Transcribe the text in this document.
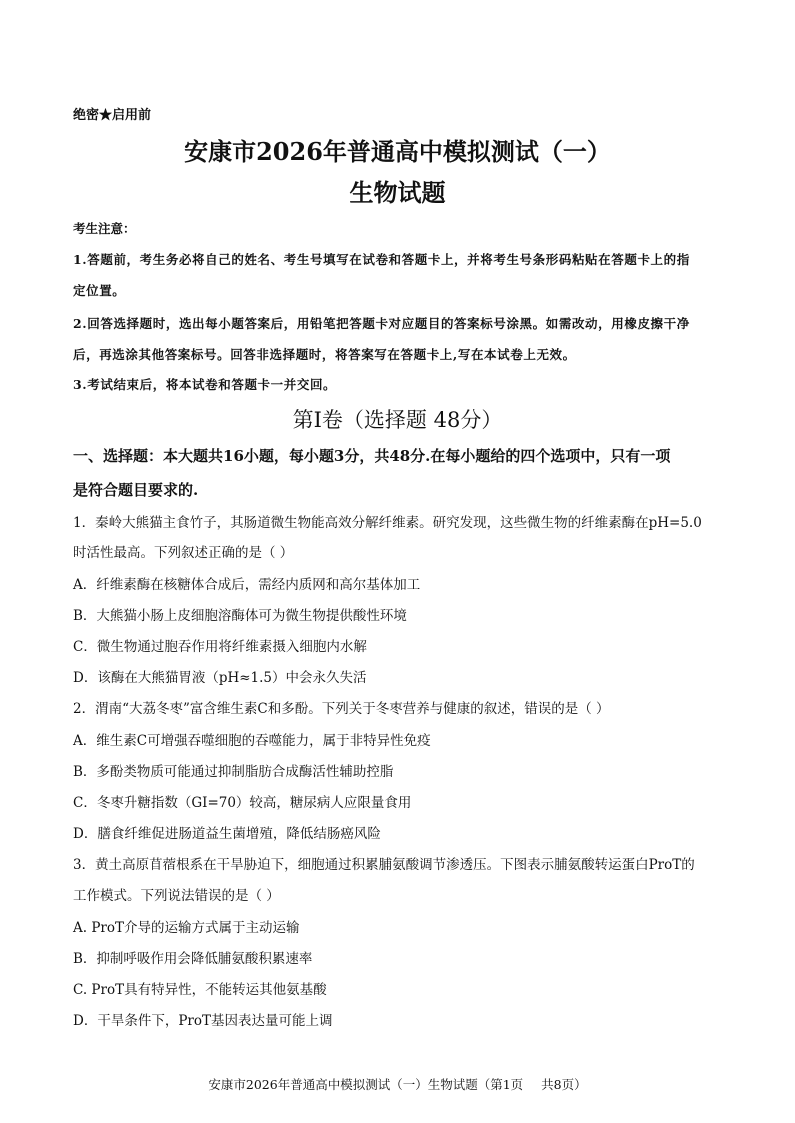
绝密★启用前
安康市2026年普通高中模拟测试（一）
生物试题
考生注意：
1.答题前，考生务必将自己的姓名、考生号填写在试卷和答题卡上，并将考生号条形码粘贴在答题卡上的指
定位置。
2.回答选择题时，选出每小题答案后，用铅笔把答题卡对应题目的答案标号涂黑。如需改动，用橡皮擦干净
后，再选涂其他答案标号。回答非选择题时，将答案写在答题卡上,写在本试卷上无效。
3.考试结束后，将本试卷和答题卡一并交回。
第Ⅰ卷（选择题 48分）
一、选择题：本大题共16小题，每小题3分，共48分.在每小题给的四个选项中，只有一项
是符合题目要求的.
1．秦岭大熊猫主食竹子，其肠道微生物能高效分解纤维素。研究发现，这些微生物的纤维素酶在pH=5.0
时活性最高。下列叙述正确的是（ ）
A．纤维素酶在核糖体合成后，需经内质网和高尔基体加工
B．大熊猫小肠上皮细胞溶酶体可为微生物提供酸性环境
C．微生物通过胞吞作用将纤维素摄入细胞内水解
D．该酶在大熊猫胃液（pH≈1.5）中会永久失活
2．渭南“大荔冬枣”富含维生素C和多酚。下列关于冬枣营养与健康的叙述，错误的是（ ）
A．维生素C可增强吞噬细胞的吞噬能力，属于非特异性免疫
B．多酚类物质可能通过抑制脂肪合成酶活性辅助控脂
C．冬枣升糖指数（GI=70）较高，糖尿病人应限量食用
D．膳食纤维促进肠道益生菌增殖，降低结肠癌风险
3．黄土高原苜蓿根系在干旱胁迫下，细胞通过积累脯氨酸调节渗透压。下图表示脯氨酸转运蛋白ProT的
工作模式。下列说法错误的是（ ）
A. ProT介导的运输方式属于主动运输
B．抑制呼吸作用会降低脯氨酸积累速率
C. ProT具有特异性，不能转运其他氨基酸
D．干旱条件下，ProT基因表达量可能上调
安康市2026年普通高中模拟测试（一）生物试题（第1页 共8页）
